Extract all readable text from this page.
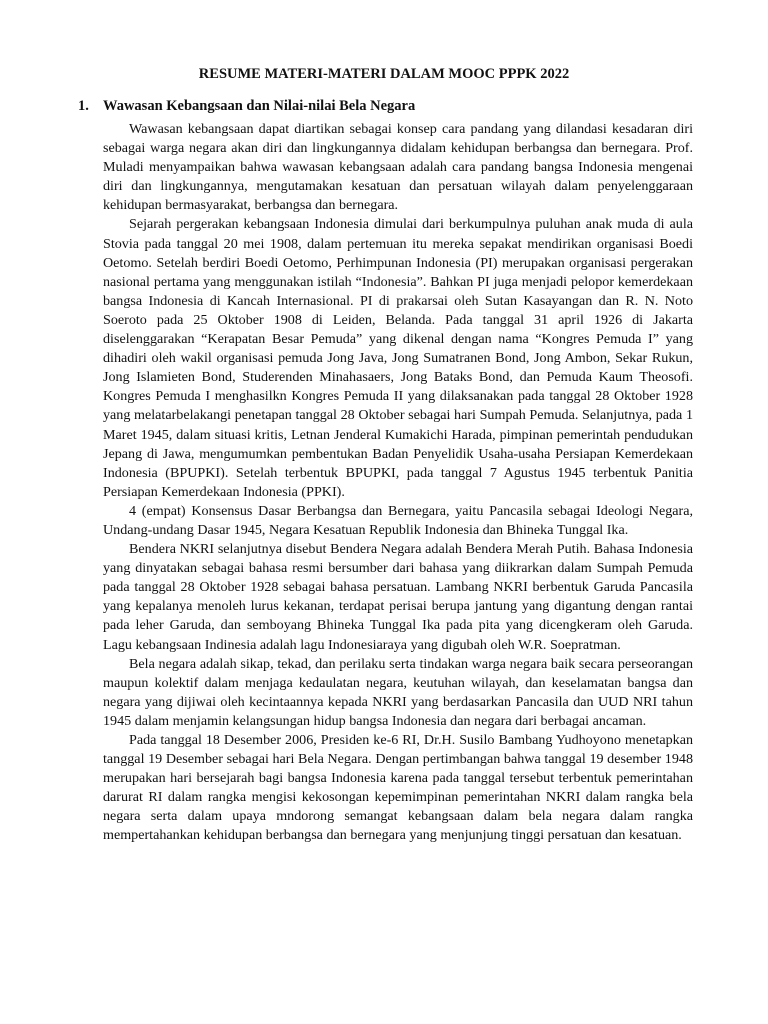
RESUME MATERI-MATERI DALAM MOOC PPPK 2022
1. Wawasan Kebangsaan dan Nilai-nilai Bela Negara

Wawasan kebangsaan dapat diartikan sebagai konsep cara pandang yang dilandasi kesadaran diri sebagai warga negara akan diri dan lingkungannya didalam kehidupan berbangsa dan bernegara. Prof. Muladi menyampaikan bahwa wawasan kebangsaan adalah cara pandang bangsa Indonesia mengenai diri dan lingkungannya, mengutamakan kesatuan dan persatuan wilayah dalam penyelenggaraan kehidupan bermasyarakat, berbangsa dan bernegara.

Sejarah pergerakan kebangsaan Indonesia dimulai dari berkumpulnya puluhan anak muda di aula Stovia pada tanggal 20 mei 1908, dalam pertemuan itu mereka sepakat mendirikan organisasi Boedi Oetomo. Setelah berdiri Boedi Oetomo, Perhimpunan Indonesia (PI) merupakan organisasi pergerakan nasional pertama yang menggunakan istilah “Indonesia”. Bahkan PI juga menjadi pelopor kemerdekaan bangsa Indonesia di Kancah Internasional. PI di prakarsai oleh Sutan Kasayangan dan R. N. Noto Soeroto pada 25 Oktober 1908 di Leiden, Belanda. Pada tanggal 31 april 1926 di Jakarta diselenggarakan “Kerapatan Besar Pemuda” yang dikenal dengan nama “Kongres Pemuda I” yang dihadiri oleh wakil organisasi pemuda Jong Java, Jong Sumatranen Bond, Jong Ambon, Sekar Rukun, Jong Islamieten Bond, Studerenden Minahasaers, Jong Bataks Bond, dan Pemuda Kaum Theosofi. Kongres Pemuda I menghasilkn Kongres Pemuda II yang dilaksanakan pada tanggal 28 Oktober 1928 yang melatarbelakangi penetapan tanggal 28 Oktober sebagai hari Sumpah Pemuda. Selanjutnya, pada 1 Maret 1945, dalam situasi kritis, Letnan Jenderal Kumakichi Harada, pimpinan pemerintah pendudukan Jepang di Jawa, mengumumkan pembentukan Badan Penyelidik Usaha-usaha Persiapan Kemerdekaan Indonesia (BPUPKI). Setelah terbentuk BPUPKI, pada tanggal 7 Agustus 1945 terbentuk Panitia Persiapan Kemerdekaan Indonesia (PPKI).

4 (empat) Konsensus Dasar Berbangsa dan Bernegara, yaitu Pancasila sebagai Ideologi Negara, Undang-undang Dasar 1945, Negara Kesatuan Republik Indonesia dan Bhineka Tunggal Ika.

Bendera NKRI selanjutnya disebut Bendera Negara adalah Bendera Merah Putih. Bahasa Indonesia yang dinyatakan sebagai bahasa resmi bersumber dari bahasa yang diikrarkan dalam Sumpah Pemuda pada tanggal 28 Oktober 1928 sebagai bahasa persatuan. Lambang NKRI berbentuk Garuda Pancasila yang kepalanya menoleh lurus kekanan, terdapat perisai berupa jantung yang digantung dengan rantai pada leher Garuda, dan semboyang Bhineka Tunggal Ika pada pita yang dicengkeram oleh Garuda. Lagu kebangsaan Indinesia adalah lagu Indonesiaraya yang digubah oleh W.R. Soepratman.

Bela negara adalah sikap, tekad, dan perilaku serta tindakan warga negara baik secara perseorangan maupun kolektif dalam menjaga kedaulatan negara, keutuhan wilayah, dan keselamatan bangsa dan negara yang dijiwai oleh kecintaannya kepada NKRI yang berdasarkan Pancasila dan UUD NRI tahun 1945 dalam menjamin kelangsungan hidup bangsa Indonesia dan negara dari berbagai ancaman.

Pada tanggal 18 Desember 2006, Presiden ke-6 RI, Dr.H. Susilo Bambang Yudhoyono menetapkan tanggal 19 Desember sebagai hari Bela Negara. Dengan pertimbangan bahwa tanggal 19 desember 1948 merupakan hari bersejarah bagi bangsa Indonesia karena pada tanggal tersebut terbentuk pemerintahan darurat RI dalam rangka mengisi kekosongan kepemimpinan pemerintahan NKRI dalam rangka bela negara serta dalam upaya mndorong semangat kebangsaan dalam bela negara dalam rangka mempertahankan kehidupan berbangsa dan bernegara yang menjunjung tinggi persatuan dan kesatuan.
